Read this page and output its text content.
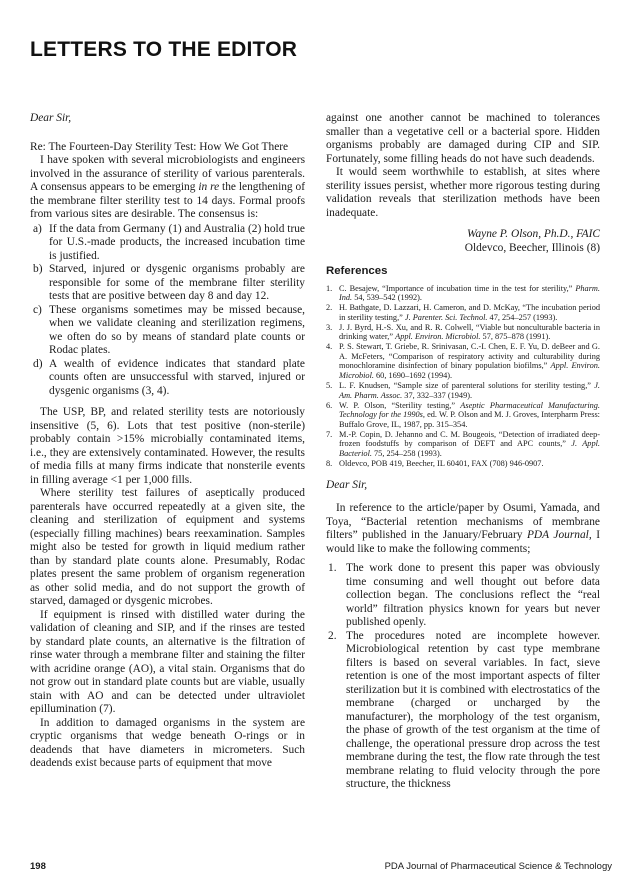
LETTERS TO THE EDITOR

Dear Sir,

Re: The Fourteen-Day Sterility Test: How We Got There

I have spoken with several microbiologists and engineers involved in the assurance of sterility of various parenterals. A consensus appears to be emerging in re the lengthening of the membrane filter sterility test to 14 days. Formal proofs from various sites are desirable. The consensus is:

a) If the data from Germany (1) and Australia (2) hold true for U.S.-made products, the increased incubation time is justified.
b) Starved, injured or dysgenic organisms probably are responsible for some of the membrane filter sterility tests that are positive between day 8 and day 12.
c) These organisms sometimes may be missed because, when we validate cleaning and sterilization regimens, we often do so by means of standard plate counts or Rodac plates.
d) A wealth of evidence indicates that standard plate counts often are unsuccessful with starved, injured or dysgenic organisms (3, 4).

The USP, BP, and related sterility tests are notoriously insensitive (5, 6). Lots that test positive (non-sterile) probably contain >15% microbially contaminated items, i.e., they are extensively contaminated. However, the results of media fills at many firms indicate that nonsterile events in filling average <1 per 1,000 fills.

Where sterility test failures of aseptically produced parenterals have occurred repeatedly at a given site, the cleaning and sterilization of equipment and systems (especially filling machines) bears reexamination. Samples might also be tested for growth in liquid medium rather than by standard plate counts alone. Presumably, Rodac plates present the same problem of organism regeneration as other solid media, and do not support the growth of starved, damaged or dysgenic microbes.

If equipment is rinsed with distilled water during the validation of cleaning and SIP, and if the rinses are tested by standard plate counts, an alternative is the filtration of rinse water through a membrane filter and staining the filter with acridine orange (AO), a vital stain. Organisms that do not grow out in standard plate counts but are viable, usually stain with AO and can be detected under ultraviolet epillumination (7).

In addition to damaged organisms in the system are cryptic organisms that wedge beneath O-rings or in deadends that have diameters in micrometers. Such deadends exist because parts of equipment that move

against one another cannot be machined to tolerances smaller than a vegetative cell or a bacterial spore. Hidden organisms probably are damaged during CIP and SIP. Fortunately, some filling heads do not have such deadends.

It would seem worthwhile to establish, at sites where sterility issues persist, whether more rigorous testing during validation reveals that sterilization methods have been inadequate.

Wayne P. Olson, Ph.D., FAIC
Oldevco, Beecher, Illinois (8)

References

1. C. Besajew, “Importance of incubation time in the test for sterility,” Pharm. Ind. 54, 539–542 (1992).
2. H. Bathgate, D. Lazzari, H. Cameron, and D. McKay, “The incubation period in sterility testing,” J. Parenter. Sci. Technol. 47, 254–257 (1993).
3. J. J. Byrd, H.-S. Xu, and R. R. Colwell, “Viable but nonculturable bacteria in drinking water,” Appl. Environ. Microbiol. 57, 875–878 (1991).
4. P. S. Stewart, T. Griebe, R. Srinivasan, C.-I. Chen, E. F. Yu, D. deBeer and G. A. McFeters, “Comparison of respiratory activity and culturability during monochloramine disinfection of binary population biofilms,” Appl. Environ. Microbiol. 60, 1690–1692 (1994).
5. L. F. Knudsen, “Sample size of parenteral solutions for sterility testing,” J. Am. Pharm. Assoc. 37, 332–337 (1949).
6. W. P. Olson, “Sterility testing,” Aseptic Pharmaceutical Manufacturing. Technology for the 1990s, ed. W. P. Olson and M. J. Groves, Interpharm Press: Buffalo Grove, IL, 1987, pp. 315–354.
7. M.-P. Copin, D. Jehanno and C. M. Bougeois, “Detection of irradiated deep-frozen foodstuffs by comparison of DEFT and APC counts,” J. Appl. Bacteriol. 75, 254–258 (1993).
8. Oldevco, POB 419, Beecher, IL 60401, FAX (708) 946-0907.

Dear Sir,

In reference to the article/paper by Osumi, Yamada, and Toya, “Bacterial retention mechanisms of membrane filters” published in the January/February PDA Journal, I would like to make the following comments;

1. The work done to present this paper was obviously time consuming and well thought out before data collection began. The conclusions reflect the “real world” filtration physics known for years but never published openly.
2. The procedures noted are incomplete however. Microbiological retention by cast type membrane filters is based on several variables. In fact, sieve retention is one of the most important aspects of filter sterilization but it is combined with electrostatics of the membrane (charged or uncharged by the manufacturer), the morphology of the test organism, the phase of growth of the test organism at the time of challenge, the operational pressure drop across the test membrane during the test, the flow rate through the test membrane relating to fluid velocity through the pore structure, the thickness
198	PDA Journal of Pharmaceutical Science & Technology
